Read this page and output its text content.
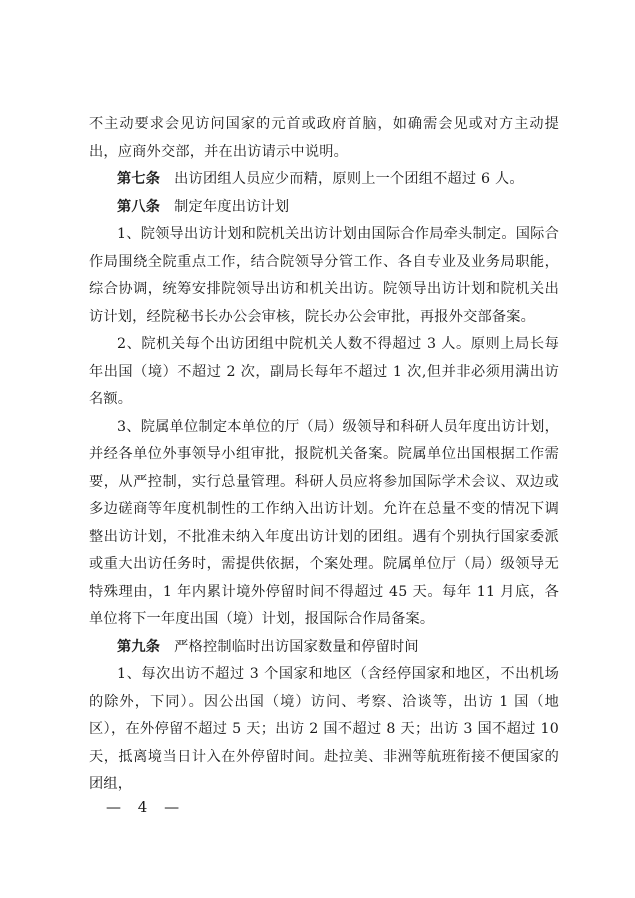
不主动要求会见访问国家的元首或政府首脑，如确需会见或对方主动提出，应商外交部，并在出访请示中说明。

第七条 出访团组人员应少而精，原则上一个团组不超过 6 人。

第八条 制定年度出访计划

1、院领导出访计划和院机关出访计划由国际合作局牵头制定。国际合作局围绕全院重点工作，结合院领导分管工作、各自专业及业务局职能，综合协调，统筹安排院领导出访和机关出访。院领导出访计划和院机关出访计划，经院秘书长办公会审核，院长办公会审批，再报外交部备案。

2、院机关每个出访团组中院机关人数不得超过 3 人。原则上局长每年出国（境）不超过 2 次，副局长每年不超过 1 次,但并非必须用满出访名额。

3、院属单位制定本单位的厅（局）级领导和科研人员年度出访计划，并经各单位外事领导小组审批，报院机关备案。院属单位出国根据工作需要，从严控制，实行总量管理。科研人员应将参加国际学术会议、双边或多边磋商等年度机制性的工作纳入出访计划。允许在总量不变的情况下调整出访计划，不批准未纳入年度出访计划的团组。遇有个别执行国家委派或重大出访任务时，需提供依据，个案处理。院属单位厅（局）级领导无特殊理由，1 年内累计境外停留时间不得超过 45 天。每年 11 月底，各单位将下一年度出国（境）计划，报国际合作局备案。

第九条 严格控制临时出访国家数量和停留时间

1、每次出访不超过 3 个国家和地区（含经停国家和地区，不出机场的除外，下同）。因公出国（境）访问、考察、洽谈等，出访 1 国（地区），在外停留不超过 5 天；出访 2 国不超过 8 天；出访 3 国不超过 10 天，抵离境当日计入在外停留时间。赴拉美、非洲等航班衔接不便国家的团组，

— 4 —
